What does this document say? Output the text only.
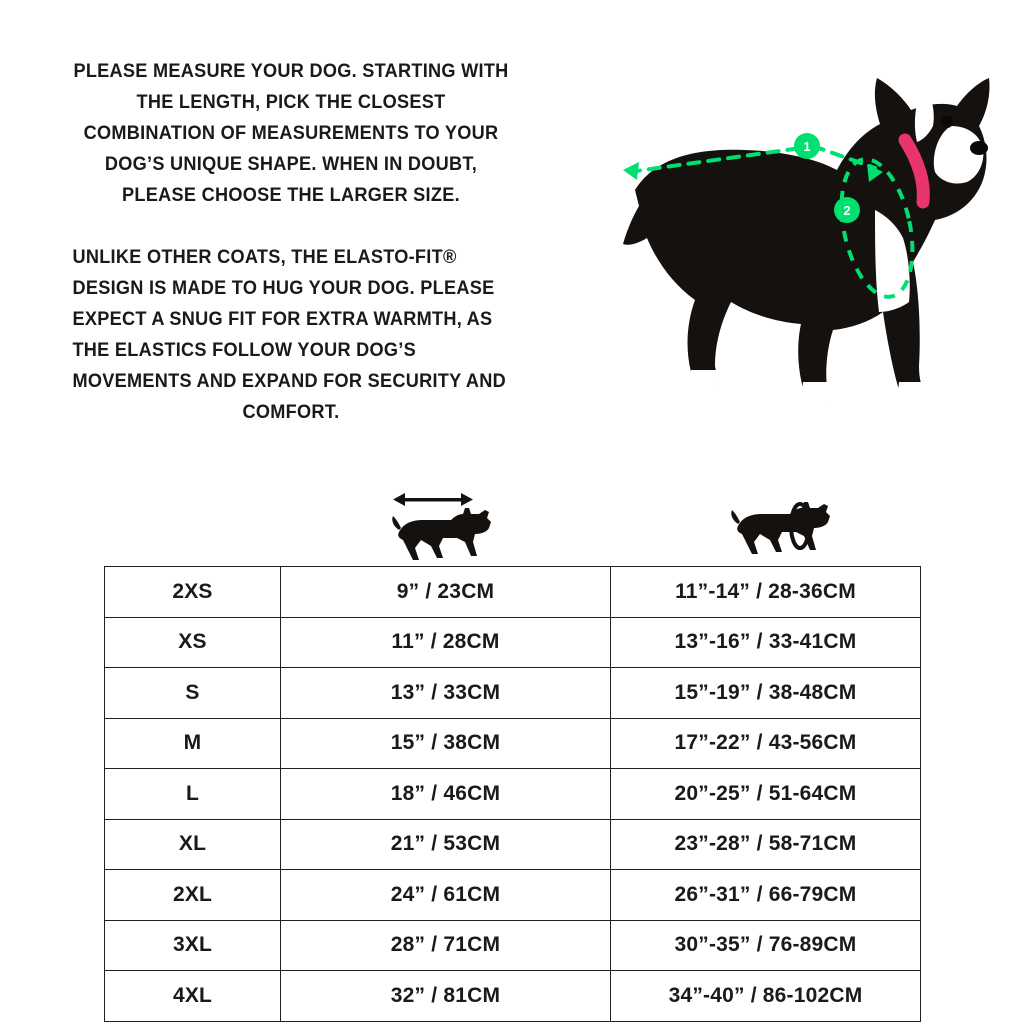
PLEASE MEASURE YOUR DOG. STARTING WITH THE LENGTH, PICK THE CLOSEST COMBINATION OF MEASUREMENTS TO YOUR DOG’S UNIQUE SHAPE. WHEN IN DOUBT, PLEASE CHOOSE THE LARGER SIZE.

UNLIKE OTHER COATS, THE ELASTO-FIT® DESIGN IS MADE TO HUG YOUR DOG. PLEASE EXPECT A SNUG FIT FOR EXTRA WARMTH, AS THE ELASTICS FOLLOW YOUR DOG’S MOVEMENTS AND EXPAND FOR SECURITY AND COMFORT.

1
2
2XS	9” / 23CM	11”-14” / 28-36CM
XS	11” / 28CM	13”-16” / 33-41CM
S	13” / 33CM	15”-19” / 38-48CM
M	15” / 38CM	17”-22” / 43-56CM
L	18” / 46CM	20”-25” / 51-64CM
XL	21” / 53CM	23”-28” / 58-71CM
2XL	24” / 61CM	26”-31” / 66-79CM
3XL	28” / 71CM	30”-35” / 76-89CM
4XL	32” / 81CM	34”-40” / 86-102CM
